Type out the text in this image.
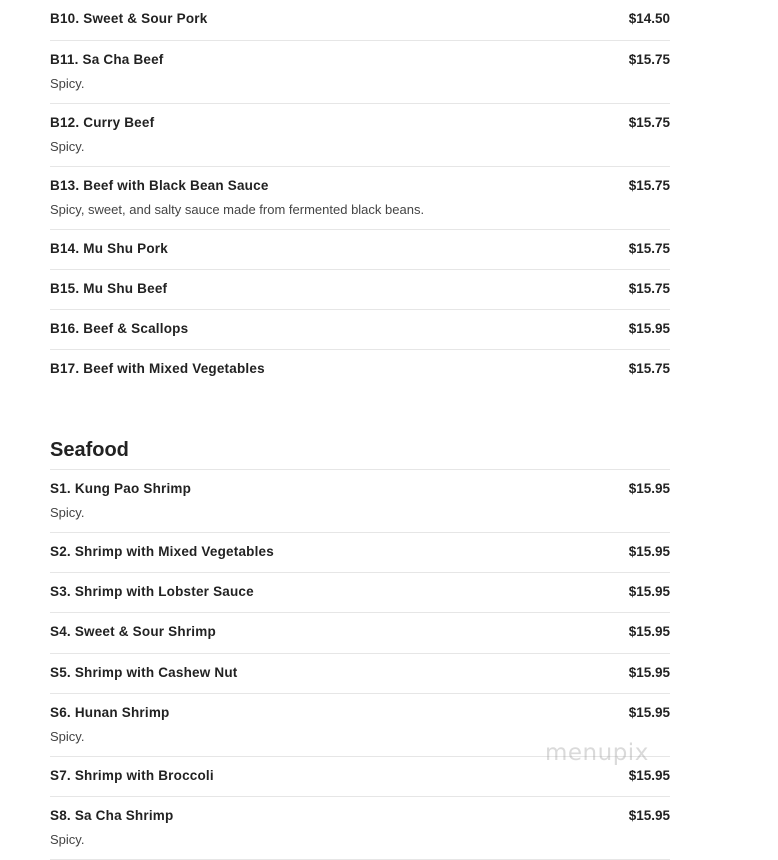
B10. Sweet & Sour Pork	$14.50
B11. Sa Cha Beef	$15.75
Spicy.
B12. Curry Beef	$15.75
Spicy.
B13. Beef with Black Bean Sauce	$15.75
Spicy, sweet, and salty sauce made from fermented black beans.
B14. Mu Shu Pork	$15.75
B15. Mu Shu Beef	$15.75
B16. Beef & Scallops	$15.95
B17. Beef with Mixed Vegetables	$15.75
Seafood
S1. Kung Pao Shrimp	$15.95
Spicy.
S2. Shrimp with Mixed Vegetables	$15.95
S3. Shrimp with Lobster Sauce	$15.95
S4. Sweet & Sour Shrimp	$15.95
S5. Shrimp with Cashew Nut	$15.95
S6. Hunan Shrimp	$15.95
Spicy.
S7. Shrimp with Broccoli	$15.95
S8. Sa Cha Shrimp	$15.95
Spicy.
menupix
